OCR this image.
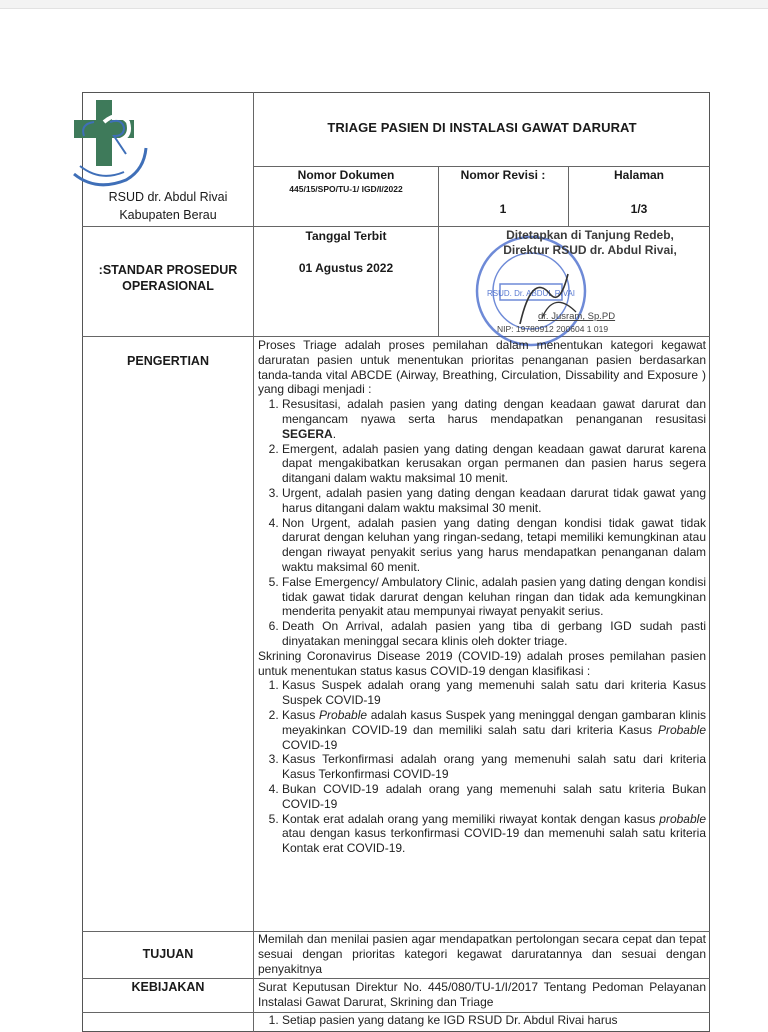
RSUD dr. Abdul Rivai
Kabupaten Berau
TRIAGE PASIEN DI INSTALASI GAWAT DARURAT
Nomor Dokumen
445/15/SPO/TU-1/ IGD/I/2022
Nomor Revisi :
1
Halaman
1/3
:STANDAR PROSEDUR
OPERASIONAL
Tanggal Terbit
01 Agustus 2022
RSUD. Dr. ABDUL RIVAI
Ditetapkan di Tanjung Redeb,
Direktur RSUD dr. Abdul Rivai,
dr. Jusram, Sp.PD
NIP: 19780912 200604 1 019
PENGERTIAN

Proses Triage adalah proses pemilahan dalam menentukan kategori kegawat daruratan pasien untuk menentukan prioritas penanganan pasien berdasarkan tanda-tanda vital ABCDE (Airway, Breathing, Circulation, Dissability and Exposure ) yang dibagi menjadi :

1. Resusitasi, adalah pasien yang dating dengan keadaan gawat darurat dan mengancam nyawa serta harus mendapatkan penanganan resusitasi SEGERA.
2. Emergent, adalah pasien yang dating dengan keadaan gawat darurat karena dapat mengakibatkan kerusakan organ permanen dan pasien harus segera ditangani dalam waktu maksimal 10 menit.
3. Urgent, adalah pasien yang dating dengan keadaan darurat tidak gawat yang harus ditangani dalam waktu maksimal 30 menit.
4. Non Urgent, adalah pasien yang dating dengan kondisi tidak gawat tidak darurat dengan keluhan yang ringan-sedang, tetapi memiliki kemungkinan atau dengan riwayat penyakit serius yang harus mendapatkan penanganan dalam waktu maksimal 60 menit.
5. False Emergency/ Ambulatory Clinic, adalah pasien yang dating dengan kondisi tidak gawat tidak darurat dengan keluhan ringan dan tidak ada kemungkinan menderita penyakit atau mempunyai riwayat penyakit serius.
6. Death On Arrival, adalah pasien yang tiba di gerbang IGD sudah pasti dinyatakan meninggal secara klinis oleh dokter triage.

Skrining Coronavirus Disease 2019 (COVID-19) adalah proses pemilahan pasien untuk menentukan status kasus COVID-19 dengan klasifikasi :

1. Kasus Suspek adalah orang yang memenuhi salah satu dari kriteria Kasus Suspek COVID-19
2. Kasus Probable adalah kasus Suspek yang meninggal dengan gambaran klinis meyakinkan COVID-19 dan memiliki salah satu dari kriteria Kasus Probable COVID-19
3. Kasus Terkonfirmasi adalah orang yang memenuhi salah satu dari kriteria Kasus Terkonfirmasi COVID-19
4. Bukan COVID-19 adalah orang yang memenuhi salah satu kriteria Bukan COVID-19
5. Kontak erat adalah orang yang memiliki riwayat kontak dengan kasus probable atau dengan kasus terkonfirmasi COVID-19 dan memenuhi salah satu kriteria Kontak erat COVID-19.
TUJUAN
Memilah dan menilai pasien agar mendapatkan pertolongan secara cepat dan tepat sesuai dengan prioritas kategori kegawat daruratannya dan sesuai dengan penyakitnya
KEBIJAKAN	Surat Keputusan Direktur No. 445/080/TU-1/I/2017 Tentang Pedoman Pelayanan Instalasi Gawat Darurat, Skrining dan Triage
1. Setiap pasien yang datang ke IGD RSUD Dr. Abdul Rivai harus
